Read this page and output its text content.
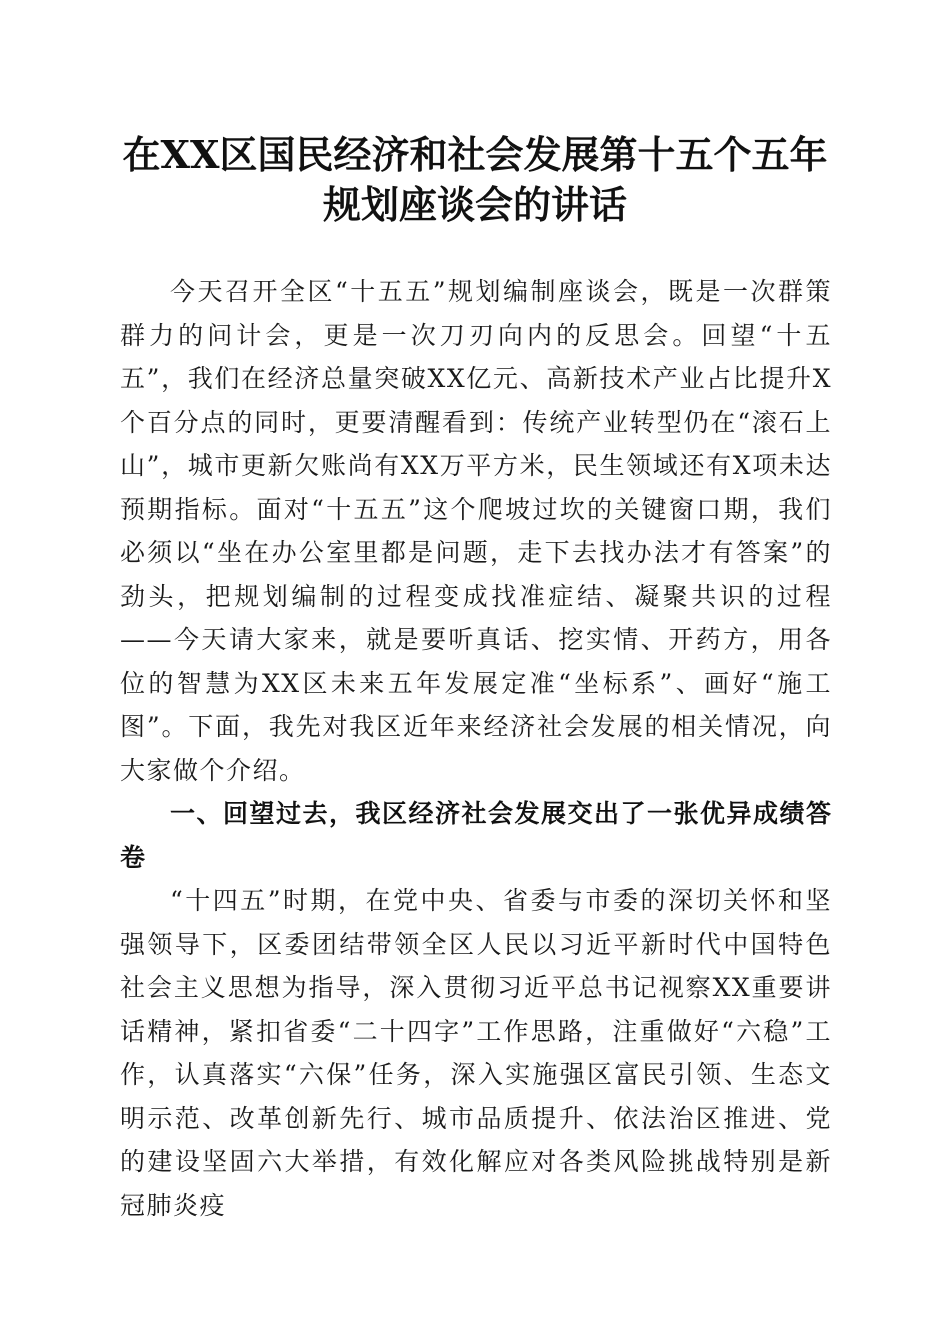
在XX区国民经济和社会发展第十五个五年规划座谈会的讲话

今天召开全区“十五五”规划编制座谈会，既是一次群策群力的问计会，更是一次刀刃向内的反思会。回望“十五五”，我们在经济总量突破XX亿元、高新技术产业占比提升X个百分点的同时，更要清醒看到：传统产业转型仍在“滚石上山”，城市更新欠账尚有XX万平方米，民生领域还有X项未达预期指标。面对“十五五”这个爬坡过坎的关键窗口期，我们必须以“坐在办公室里都是问题，走下去找办法才有答案”的劲头，把规划编制的过程变成找准症结、凝聚共识的过程——今天请大家来，就是要听真话、挖实情、开药方，用各位的智慧为XX区未来五年发展定准“坐标系”、画好“施工图”。下面，我先对我区近年来经济社会发展的相关情况，向大家做个介绍。

一、回望过去，我区经济社会发展交出了一张优异成绩答卷

“十四五”时期，在党中央、省委与市委的深切关怀和坚强领导下，区委团结带领全区人民以习近平新时代中国特色社会主义思想为指导，深入贯彻习近平总书记视察XX重要讲话精神，紧扣省委“二十四字”工作思路，注重做好“六稳”工作，认真落实“六保”任务，深入实施强区富民引领、生态文明示范、改革创新先行、城市品质提升、依法治区推进、党的建设坚固六大举措，有效化解应对各类风险挑战特别是新冠肺炎疫
